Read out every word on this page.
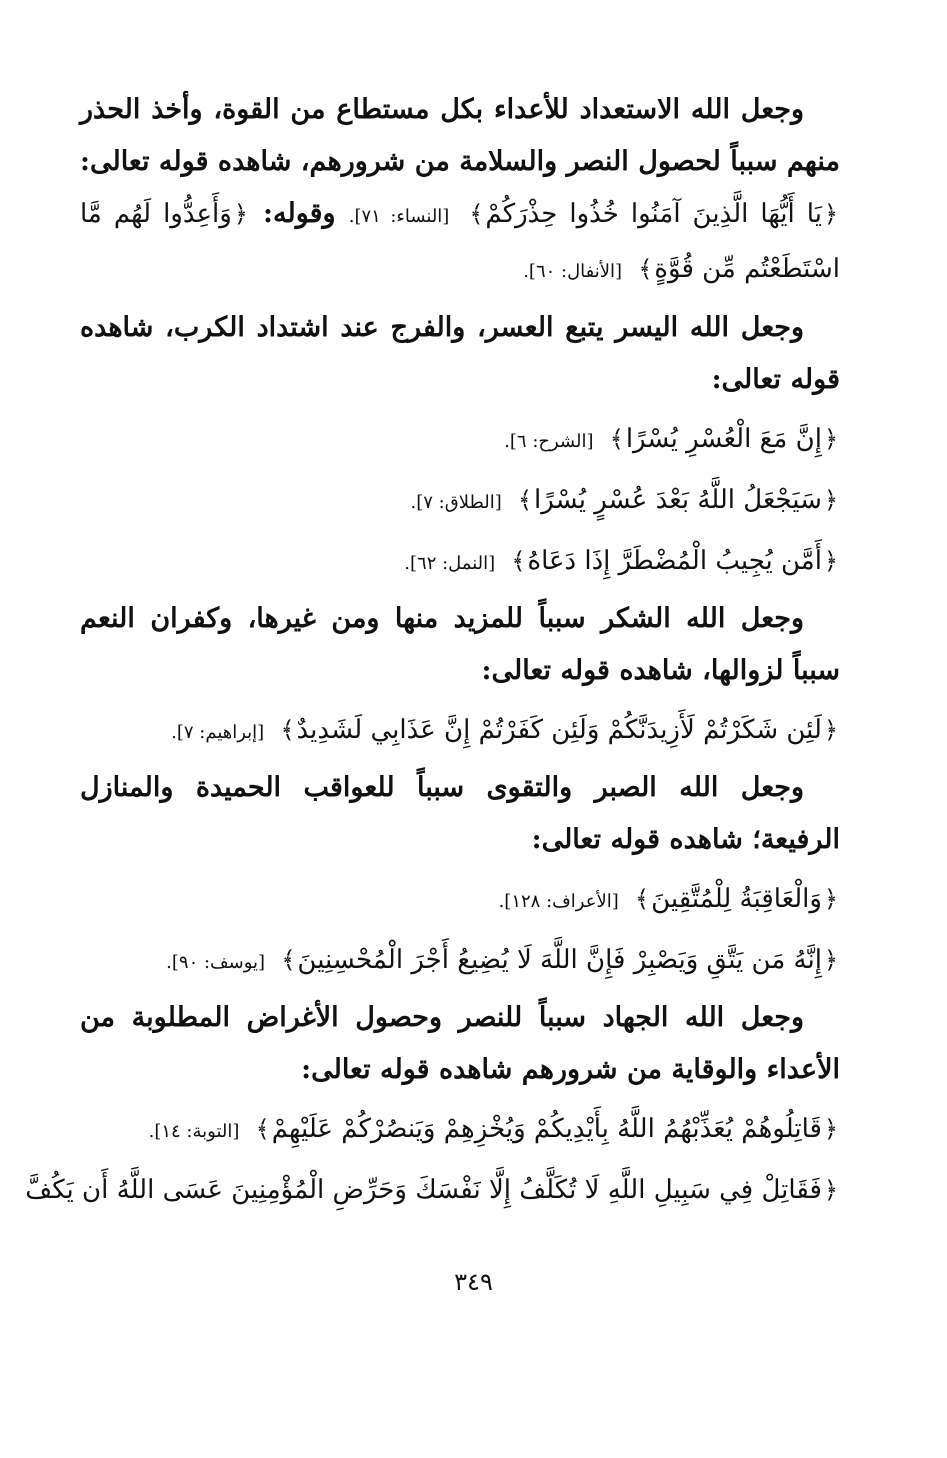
وجعل الله الاستعداد للأعداء بكل مستطاع من القوة، وأخذ الحذر منهم سبباً لحصول النصر والسلامة من شرورهم، شاهده قوله تعالى: ﴿يَا أَيُّهَا الَّذِينَ آمَنُوا خُذُوا حِذْرَكُمْ﴾ [النساء: ٧١]. وقوله: ﴿وَأَعِدُّوا لَهُم مَّا اسْتَطَعْتُم مِّن قُوَّةٍ﴾ [الأنفال: ٦٠].

وجعل الله اليسر يتبع العسر، والفرج عند اشتداد الكرب، شاهده قوله تعالى:

﴿إِنَّ مَعَ الْعُسْرِ يُسْرًا﴾ [الشرح: ٦].

﴿سَيَجْعَلُ اللَّهُ بَعْدَ عُسْرٍ يُسْرًا﴾ [الطلاق: ٧].

﴿أَمَّن يُجِيبُ الْمُضْطَرَّ إِذَا دَعَاهُ﴾ [النمل: ٦٢].

وجعل الله الشكر سبباً للمزيد منها ومن غيرها، وكفران النعم سبباً لزوالها، شاهده قوله تعالى:

﴿لَئِن شَكَرْتُمْ لَأَزِيدَنَّكُمْ وَلَئِن كَفَرْتُمْ إِنَّ عَذَابِي لَشَدِيدٌ﴾ [إبراهيم: ٧].

وجعل الله الصبر والتقوى سبباً للعواقب الحميدة والمنازل الرفيعة؛ شاهده قوله تعالى:

﴿وَالْعَاقِبَةُ لِلْمُتَّقِينَ﴾ [الأعراف: ١٢٨].

﴿إِنَّهُ مَن يَتَّقِ وَيَصْبِرْ فَإِنَّ اللَّهَ لَا يُضِيعُ أَجْرَ الْمُحْسِنِينَ﴾ [يوسف: ٩٠].

وجعل الله الجهاد سبباً للنصر وحصول الأغراض المطلوبة من الأعداء والوقاية من شرورهم شاهده قوله تعالى:

﴿قَاتِلُوهُمْ يُعَذِّبْهُمُ اللَّهُ بِأَيْدِيكُمْ وَيُخْزِهِمْ وَيَنصُرْكُمْ عَلَيْهِمْ﴾ [التوبة: ١٤].

﴿فَقَاتِلْ فِي سَبِيلِ اللَّهِ لَا تُكَلَّفُ إِلَّا نَفْسَكَ وَحَرِّضِ الْمُؤْمِنِينَ عَسَى اللَّهُ أَن يَكُفَّ

٣٤٩
